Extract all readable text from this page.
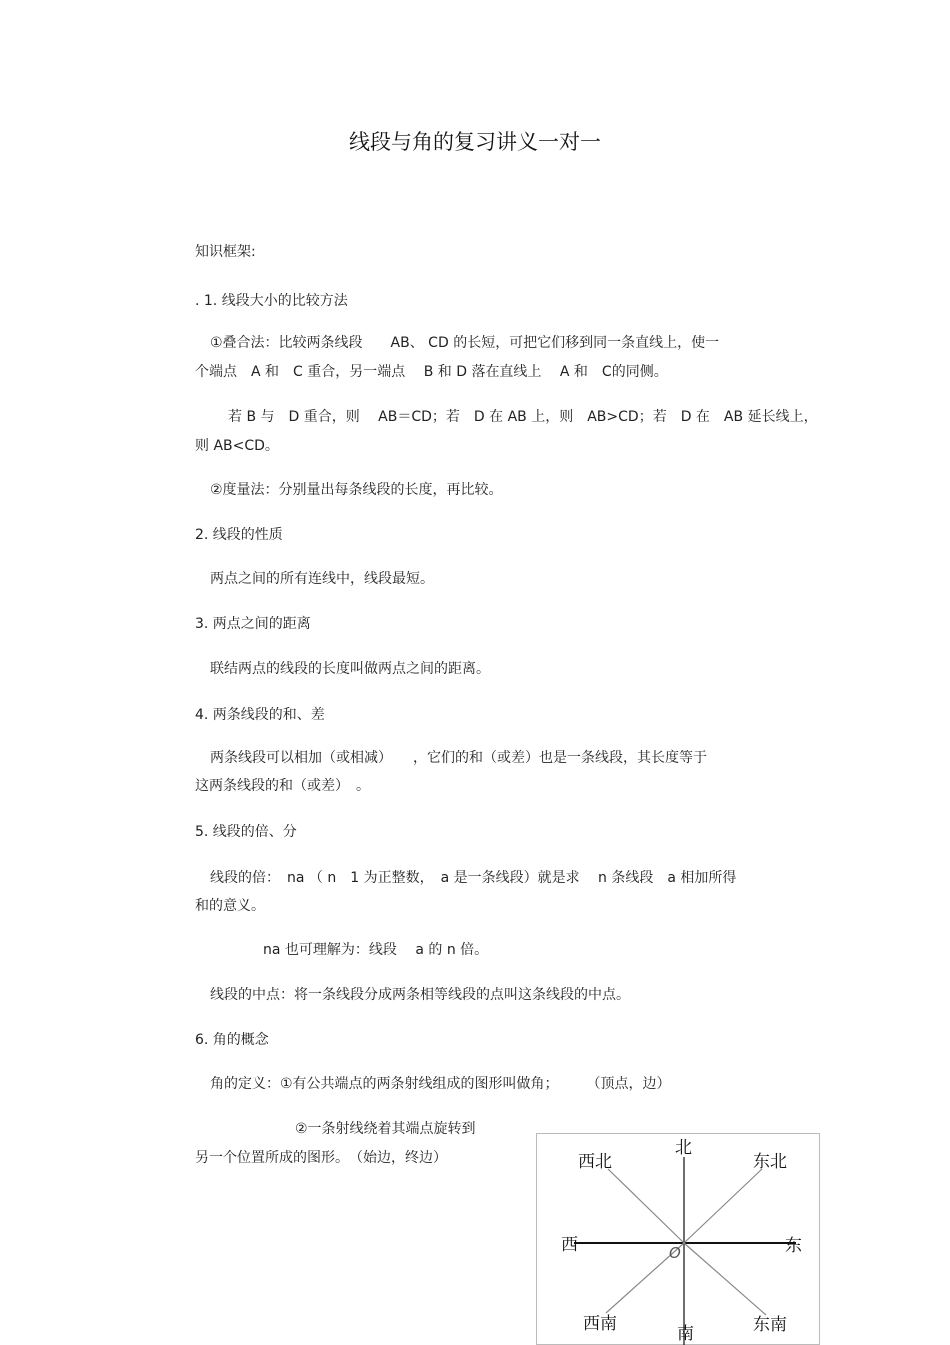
线段与角的复习讲义一对一
知识框架:
. 1. 线段大小的比较方法
①叠合法：比较两条线段　　AB、 CD 的长短，可把它们移到同一条直线上，使一
个端点　A 和　C 重合，另一端点　 B 和 D 落在直线上　 A 和　C的同侧。
若 B 与　D 重合，则　 AB＝CD；若　D 在 AB 上，则　AB>CD；若　D 在　AB 延长线上，
则 AB<CD。
②度量法：分别量出每条线段的长度，再比较。
2. 线段的性质
两点之间的所有连线中，线段最短。
3. 两点之间的距离
联结两点的线段的长度叫做两点之间的距离。
4. 两条线段的和、差
两条线段可以相加（或相减）　　，它们的和（或差）也是一条线段，其长度等于
这两条线段的和（或差）　。
5. 线段的倍、分
线段的倍：　na （ n　1 为正整数，　a 是一条线段）就是求　 n 条线段　a 相加所得
和的意义。
na 也可理解为：线段　 a 的 n 倍。
线段的中点：将一条线段分成两条相等线段的点叫这条线段的中点。
6. 角的概念
角的定义：①有公共端点的两条射线组成的图形叫做角；　　　（顶点，边）
②一条射线绕着其端点旋转到
另一个位置所成的图形。　（始边，终边）	北
东北
西北
西	东
西南	东南
南
O
